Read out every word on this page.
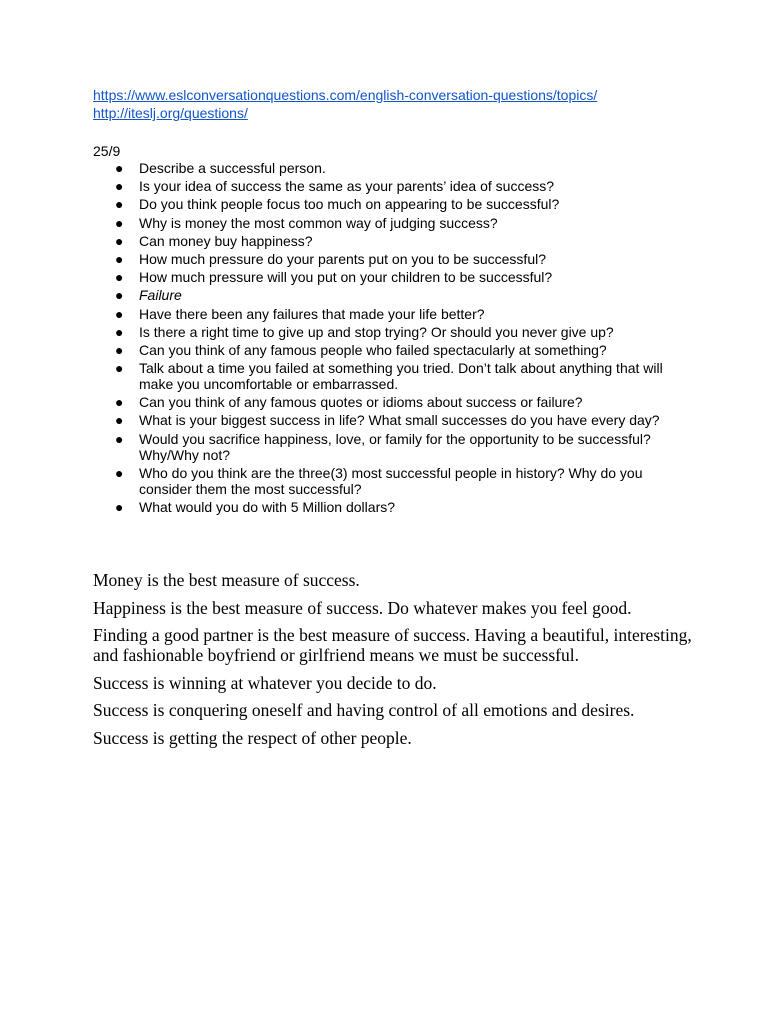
https://www.eslconversationquestions.com/english-conversation-questions/topics/
http://iteslj.org/questions/
25/9
● Describe a successful person.
● Is your idea of success the same as your parents’ idea of success?
● Do you think people focus too much on appearing to be successful?
● Why is money the most common way of judging success?
● Can money buy happiness?
● How much pressure do your parents put on you to be successful?
● How much pressure will you put on your children to be successful?
● Failure
● Have there been any failures that made your life better?
● Is there a right time to give up and stop trying? Or should you never give up?
● Can you think of any famous people who failed spectacularly at something?
● Talk about a time you failed at something you tried. Don’t talk about anything that will make you uncomfortable or embarrassed.
● Can you think of any famous quotes or idioms about success or failure?
● What is your biggest success in life? What small successes do you have every day?
● Would you sacrifice happiness, love, or family for the opportunity to be successful?Why/Why not?
● Who do you think are the three(3) most successful people in history? Why do you consider them the most successful?
● What would you do with 5 Million dollars?

Money is the best measure of success.

Happiness is the best measure of success. Do whatever makes you feel good.

Finding a good partner is the best measure of success. Having a beautiful, interesting, and fashionable boyfriend or girlfriend means we must be successful.

Success is winning at whatever you decide to do.

Success is conquering oneself and having control of all emotions and desires.

Success is getting the respect of other people.
